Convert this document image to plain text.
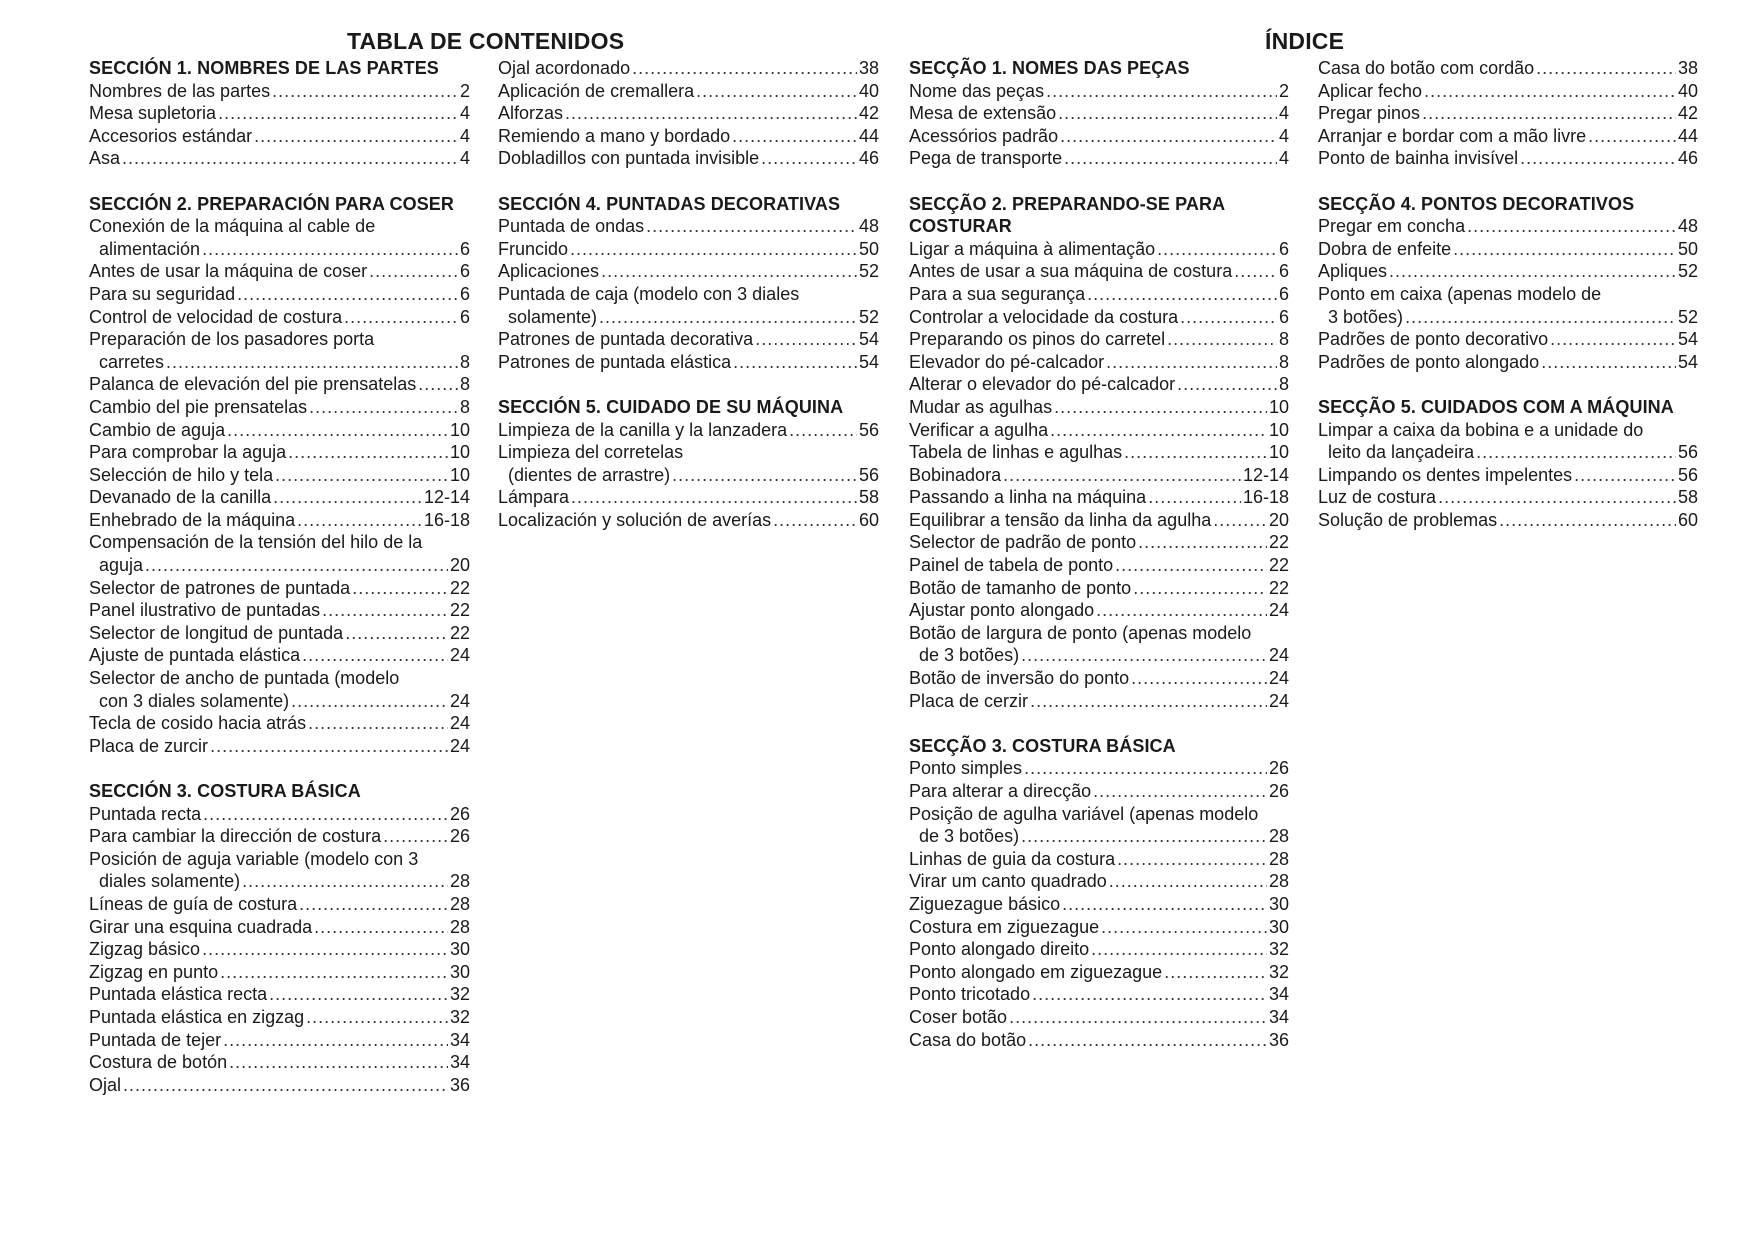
TABLA DE CONTENIDOS	ÍNDICE
SECCIÓN 1. NOMBRES DE LAS PARTES
Nombres de las partes .....	2
Mesa supletoria .....	4
Accesorios estándar .....	4
Asa .....	4
SECCIÓN 2. PREPARACIÓN PARA COSER
Conexión de la máquina al cable de
alimentación .....	6
Antes de usar la máquina de coser .....	6
Para su seguridad .....	6
Control de velocidad de costura .....	6
Preparación de los pasadores porta
carretes .....	8
Palanca de elevación del pie prensatelas ..... 8
Cambio del pie prensatelas .....	8
Cambio de aguja .....	10
Para comprobar la aguja .....	10
Selección de hilo y tela .....	10
Devanado de la canilla .....	12-14
Enhebrado de la máquina .....	16-18
Compensación de la tensión del hilo de la
aguja .....	20
Selector de patrones de puntada .....	22
Panel ilustrativo de puntadas .....	22
Selector de longitud de puntada .....	22
Ajuste de puntada elástica .....	24
Selector de ancho de puntada (modelo
con 3 diales solamente) .....	24
Tecla de cosido hacia atrás .....	24
Placa de zurcir .....	24
SECCIÓN 3. COSTURA BÁSICA
Puntada recta .....	26
Para cambiar la dirección de costura .....	26
Posición de aguja variable (modelo con 3
diales solamente) .....	28
Líneas de guía de costura .....	28
Girar una esquina cuadrada .....	28
Zigzag básico .....	30
Zigzag en punto .....	30
Puntada elástica recta .....	32
Puntada elástica en zigzag .....	32
Puntada de tejer .....	34
Costura de botón .....	34
Ojal .....	36
Ojal acordonado .....	38
Aplicación de cremallera .....	40
Alforzas .....	42
Remiendo a mano y bordado .....	44
Dobladillos con puntada invisible .....	46
SECCIÓN 4. PUNTADAS DECORATIVAS
Puntada de ondas .....	48
Fruncido .....	50
Aplicaciones .....	52
Puntada de caja (modelo con 3 diales
solamente) .....	52
Patrones de puntada decorativa .....	54
Patrones de puntada elástica .....	54
SECCIÓN 5. CUIDADO DE SU MÁQUINA
Limpieza de la canilla y la lanzadera .....	56
Limpieza del corretelas
(dientes de arrastre) .....	56
Lámpara .....	58
Localización y solución de averías .....	60
SECÇÃO 1. NOMES DAS PEÇAS
Nome das peças .....	2
Mesa de extensão .....	4
Acessórios padrão .....	4
Pega de transporte .....	4
SECÇÃO 2. PREPARANDO-SE PARA
COSTURAR
Ligar a máquina à alimentação .....	6
Antes de usar a sua máquina de costura .....	6
Para a sua segurança .....	6
Controlar a velocidade da costura .....	6
Preparando os pinos do carretel .....	8
Elevador do pé-calcador .....	8
Alterar o elevador do pé-calcador .....	8
Mudar as agulhas .....	10
Verificar a agulha .....	10
Tabela de linhas e agulhas .....	10
Bobinadora .....	12-14
Passando a linha na máquina .....	16-18
Equilibrar a tensão da linha da agulha .....	20
Selector de padrão de ponto .....	22
Painel de tabela de ponto .....	22
Botão de tamanho de ponto .....	22
Ajustar ponto alongado .....	24
Botão de largura de ponto (apenas modelo
de 3 botões) .....	24
Botão de inversão do ponto .....	24
Placa de cerzir .....	24
SECÇÃO 3. COSTURA BÁSICA
Ponto simples .....	26
Para alterar a direcção .....	26
Posição de agulha variável (apenas modelo
de 3 botões) .....	28
Linhas de guia da costura .....	28
Virar um canto quadrado .....	28
Ziguezague básico .....	30
Costura em ziguezague .....	30
Ponto alongado direito .....	32
Ponto alongado em ziguezague .....	32
Ponto tricotado .....	34
Coser botão .....	34
Casa do botão .....	36
Casa do botão com cordão .....	38
Aplicar fecho .....	40
Pregar pinos .....	42
Arranjar e bordar com a mão livre .....	44
Ponto de bainha invisível .....	46
SECÇÃO 4. PONTOS DECORATIVOS
Pregar em concha .....	48
Dobra de enfeite .....	50
Apliques .....	52
Ponto em caixa (apenas modelo de
3 botões) .....	52
Padrões de ponto decorativo .....	54
Padrões de ponto alongado .....	54
SECÇÃO 5. CUIDADOS COM A MÁQUINA
Limpar a caixa da bobina e a unidade do
leito da lançadeira .....	56
Limpando os dentes impelentes .....	56
Luz de costura .....	58
Solução de problemas .....	60
